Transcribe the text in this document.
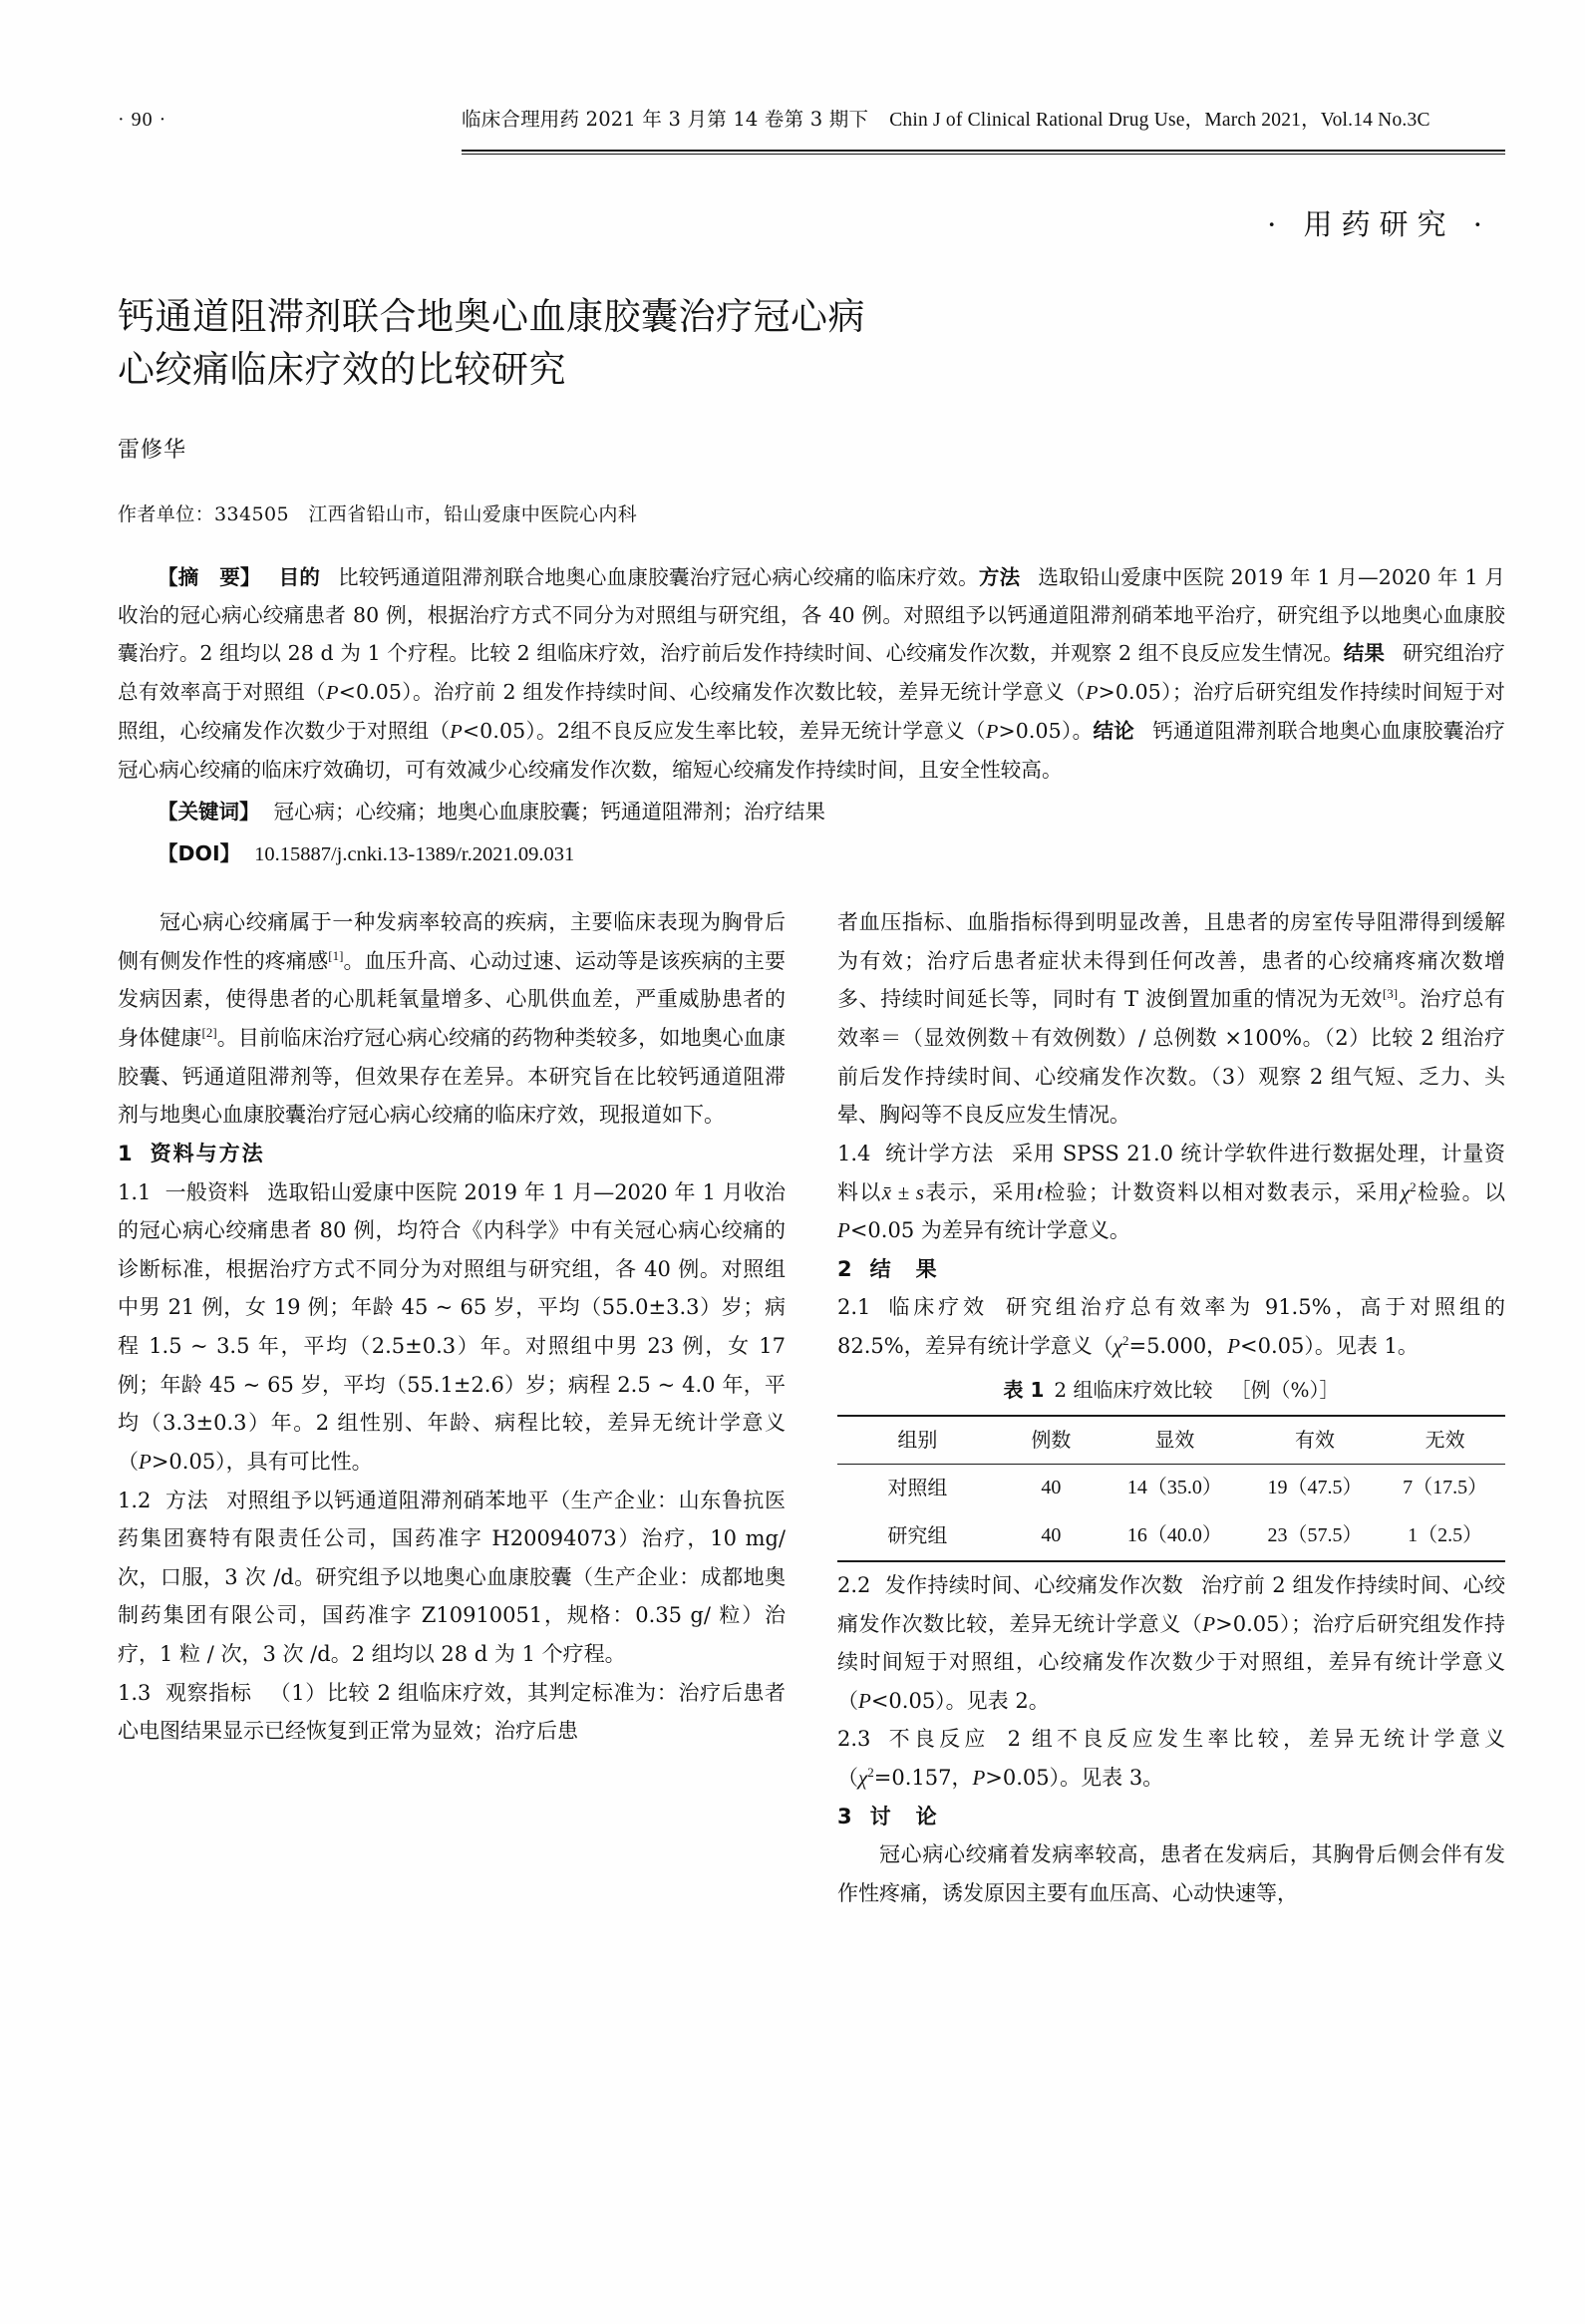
· 90 ·	临床合理用药 2021 年 3 月第 14 卷第 3 期下 Chin J of Clinical Rational Drug Use，March 2021，Vol.14 No.3C
· 用药研究 ·
钙通道阻滞剂联合地奥心血康胶囊治疗冠心病
心绞痛临床疗效的比较研究
雷修华
作者单位：334505　江西省铅山市，铅山爱康中医院心内科

【摘　要】 目的 比较钙通道阻滞剂联合地奥心血康胶囊治疗冠心病心绞痛的临床疗效。方法 选取铅山爱康中医院 2019 年 1 月—2020 年 1 月收治的冠心病心绞痛患者 80 例，根据治疗方式不同分为对照组与研究组，各 40 例。对照组予以钙通道阻滞剂硝苯地平治疗，研究组予以地奥心血康胶囊治疗。2 组均以 28 d 为 1 个疗程。比较 2 组临床疗效，治疗前后发作持续时间、心绞痛发作次数，并观察 2 组不良反应发生情况。结果 研究组治疗总有效率高于对照组（P<0.05）。治疗前 2 组发作持续时间、心绞痛发作次数比较，差异无统计学意义（P>0.05）；治疗后研究组发作持续时间短于对照组，心绞痛发作次数少于对照组（P<0.05）。2组不良反应发生率比较，差异无统计学意义（P>0.05）。结论 钙通道阻滞剂联合地奥心血康胶囊治疗冠心病心绞痛的临床疗效确切，可有效减少心绞痛发作次数，缩短心绞痛发作持续时间，且安全性较高。

【关键词】 冠心病；心绞痛；地奥心血康胶囊；钙通道阻滞剂；治疗结果
【DOI】 10.15887/j.cnki.13-1389/r.2021.09.031

冠心病心绞痛属于一种发病率较高的疾病，主要临床表现为胸骨后侧有侧发作性的疼痛感[1]。血压升高、心动过速、运动等是该疾病的主要发病因素，使得患者的心肌耗氧量增多、心肌供血差，严重威胁患者的身体健康[2]。目前临床治疗冠心病心绞痛的药物种类较多，如地奥心血康胶囊、钙通道阻滞剂等，但效果存在差异。本研究旨在比较钙通道阻滞剂与地奥心血康胶囊治疗冠心病心绞痛的临床疗效，现报道如下。

1 资料与方法

1.1 一般资料 选取铅山爱康中医院 2019 年 1 月—2020 年 1 月收治的冠心病心绞痛患者 80 例，均符合《内科学》中有关冠心病心绞痛的诊断标准，根据治疗方式不同分为对照组与研究组，各 40 例。对照组中男 21 例，女 19 例；年龄 45 ~ 65 岁，平均（55.0±3.3）岁；病程 1.5 ~ 3.5 年，平均（2.5±0.3）年。对照组中男 23 例，女 17 例；年龄 45 ~ 65 岁，平均（55.1±2.6）岁；病程 2.5 ~ 4.0 年，平均（3.3±0.3）年。2 组性别、年龄、病程比较，差异无统计学意义（P>0.05），具有可比性。

1.2 方法 对照组予以钙通道阻滞剂硝苯地平（生产企业：山东鲁抗医药集团赛特有限责任公司，国药准字 H20094073）治疗，10 mg/ 次，口服，3 次 /d。研究组予以地奥心血康胶囊（生产企业：成都地奥制药集团有限公司，国药准字 Z10910051，规格：0.35 g/ 粒）治疗，1 粒 / 次，3 次 /d。2 组均以 28 d 为 1 个疗程。

1.3 观察指标 （1）比较 2 组临床疗效，其判定标准为：治疗后患者心电图结果显示已经恢复到正常为显效；治疗后患

者血压指标、血脂指标得到明显改善，且患者的房室传导阻滞得到缓解为有效；治疗后患者症状未得到任何改善，患者的心绞痛疼痛次数增多、持续时间延长等，同时有 T 波倒置加重的情况为无效[3]。治疗总有效率＝（显效例数＋有效例数）/ 总例数 ×100%。（2）比较 2 组治疗前后发作持续时间、心绞痛发作次数。（3）观察 2 组气短、乏力、头晕、胸闷等不良反应发生情况。

1.4 统计学方法 采用 SPSS 21.0 统计学软件进行数据处理，计量资料以x̄ ± s表示，采用t检验；计数资料以相对数表示，采用χ$^2$检验。以P<0.05 为差异有统计学意义。

2 结　果

2.1 临床疗效 研究组治疗总有效率为 91.5%，高于对照组的 82.5%，差异有统计学意义（χ$^2$=5.000，P<0.05）。见表 1。

表 1 2 组临床疗效比较 ［例（%）］
组别	例数	显效	有效	无效
对照组	40	14（35.0）	19（47.5）	7（17.5）
研究组	40	16（40.0）	23（57.5）	1（2.5）

2.2 发作持续时间、心绞痛发作次数 治疗前 2 组发作持续时间、心绞痛发作次数比较，差异无统计学意义（P>0.05）；治疗后研究组发作持续时间短于对照组，心绞痛发作次数少于对照组，差异有统计学意义（P<0.05）。见表 2。

2.3 不良反应 2 组不良反应发生率比较，差异无统计学意义（χ$^2$=0.157，P>0.05）。见表 3。

3 讨　论

冠心病心绞痛着发病率较高，患者在发病后，其胸骨后侧会伴有发作性疼痛，诱发原因主要有血压高、心动快速等，
